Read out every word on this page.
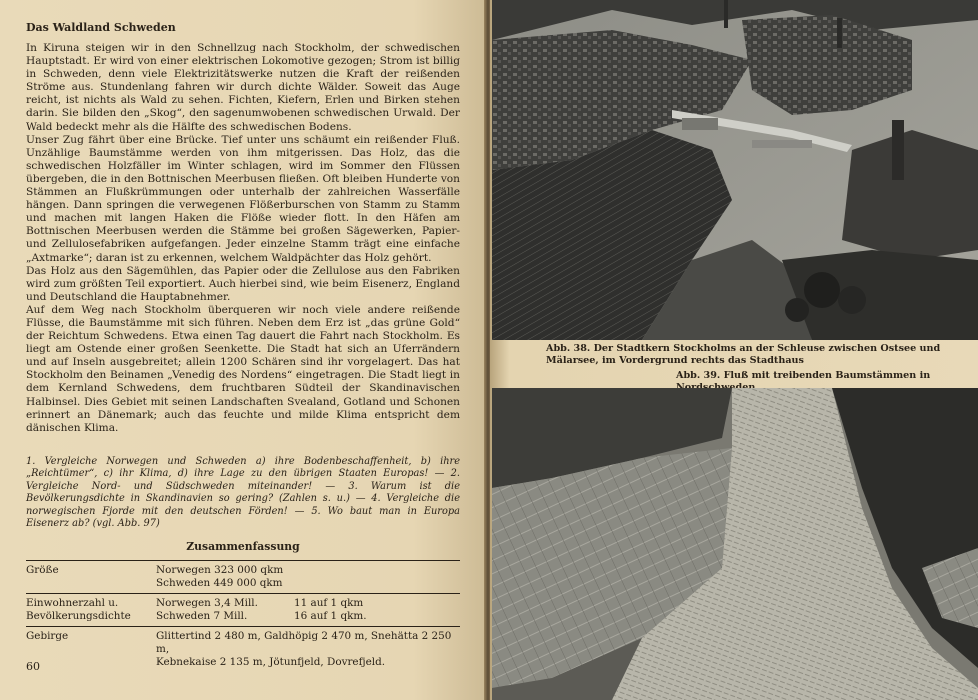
Das Waldland Schweden

In Kiruna steigen wir in den Schnellzug nach Stockholm, der schwedischen Hauptstadt. Er wird von einer elektrischen Lokomotive gezogen; Strom ist billig in Schweden, denn viele Elektrizitätswerke nutzen die Kraft der reißenden Ströme aus. Stundenlang fahren wir durch dichte Wälder. Soweit das Auge reicht, ist nichts als Wald zu sehen. Fichten, Kiefern, Erlen und Birken stehen darin. Sie bilden den „Skog“, den sagenumwobenen schwedischen Urwald. Der Wald bedeckt mehr als die Hälfte des schwedischen Bodens.

Unser Zug fährt über eine Brücke. Tief unter uns schäumt ein reißender Fluß. Unzählige Baumstämme werden von ihm mitgerissen. Das Holz, das die schwedischen Holzfäller im Winter schlagen, wird im Sommer den Flüssen übergeben, die in den Bottnischen Meerbusen fließen. Oft bleiben Hunderte von Stämmen an Flußkrümmungen oder unterhalb der zahlreichen Wasserfälle hängen. Dann springen die verwegenen Flößerburschen von Stamm zu Stamm und machen mit langen Haken die Flöße wieder flott. In den Häfen am Bottnischen Meerbusen werden die Stämme bei großen Sägewerken, Papier- und Zellulosefabriken aufgefangen. Jeder einzelne Stamm trägt eine einfache „Axtmarke“; daran ist zu erkennen, welchem Waldpächter das Holz gehört.

Das Holz aus den Sägemühlen, das Papier oder die Zellulose aus den Fabriken wird zum größten Teil exportiert. Auch hierbei sind, wie beim Eisenerz, England und Deutschland die Hauptabnehmer.

Auf dem Weg nach Stockholm überqueren wir noch viele andere reißende Flüsse, die Baumstämme mit sich führen. Neben dem Erz ist „das grüne Gold“ der Reichtum Schwedens. Etwa einen Tag dauert die Fahrt nach Stockholm. Es liegt am Ostende einer großen Seenkette. Die Stadt hat sich an Uferrändern und auf Inseln ausgebreitet; allein 1200 Schären sind ihr vorgelagert. Das hat Stockholm den Beinamen „Venedig des Nordens“ eingetragen. Die Stadt liegt in dem Kernland Schwedens, dem fruchtbaren Südteil der Skandinavischen Halbinsel. Dies Gebiet mit seinen Landschaften Svealand, Gotland und Schonen erinnert an Dänemark; auch das feuchte und milde Klima entspricht dem dänischen Klima.

1. Vergleiche Norwegen und Schweden a) ihre Bodenbeschaffenheit, b) ihre „Reichtümer“, c) ihr Klima, d) ihre Lage zu den übrigen Staaten Europas! — 2. Vergleiche Nord- und Südschweden miteinander! — 3. Warum ist die Bevölkerungsdichte in Skandinavien so gering? (Zahlen s. u.) — 4. Vergleiche die norwegischen Fjorde mit den deutschen Förden! — 5. Wo baut man in Europa Eisenerz ab? (vgl. Abb. 97)
Zusammenfassung
Größe	Norwegen 323 000 qkm
Schweden 449 000 qkm
Einwohnerzahl u. Bevölkerungsdichte
Norwegen 3,4 Mill.	11 auf 1 qkm
Schweden 7 Mill.	16 auf 1 qkm.
Gebirge	Glittertind 2 480 m, Galdhöpig 2 470 m, Snehätta 2 250 m,
Kebnekaise 2 135 m, Jötunfjeld, Dovrefjeld.
60
Abb. 38. Der Stadtkern Stockholms an der Schleuse zwischen Ostsee und Mälarsee, im Vordergrund rechts das Stadthaus
Abb. 39. Fluß mit treibenden Baumstämmen in
